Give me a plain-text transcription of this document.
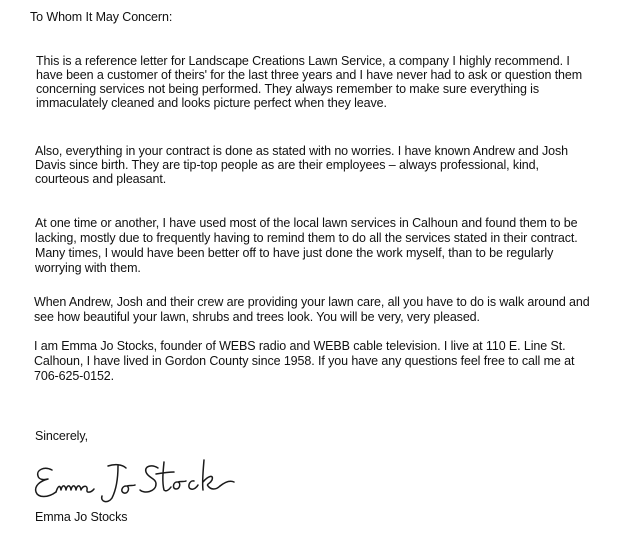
To Whom It May Concern:
This is a reference letter for Landscape Creations Lawn Service, a company I highly recommend. I
have been a customer of theirs' for the last three years and I have never had to ask or question them
concerning services not being performed. They always remember to make sure everything is
immaculately cleaned and looks picture perfect when they leave.
Also, everything in your contract is done as stated with no worries. I have known Andrew and Josh
Davis since birth. They are tip-top people as are their employees – always professional, kind,
courteous and pleasant.
At one time or another, I have used most of the local lawn services in Calhoun and found them to be
lacking, mostly due to frequently having to remind them to do all the services stated in their contract.
Many times, I would have been better off to have just done the work myself, than to be regularly
worrying with them.
When Andrew, Josh and their crew are providing your lawn care, all you have to do is walk around and
see how beautiful your lawn, shrubs and trees look. You will be very, very pleased.
I am Emma Jo Stocks, founder of WEBS radio and WEBB cable television. I live at 110 E. Line St.
Calhoun, I have lived in Gordon County since 1958. If you have any questions feel free to call me at
706-625-0152.
Sincerely,
Emma Jo Stocks
